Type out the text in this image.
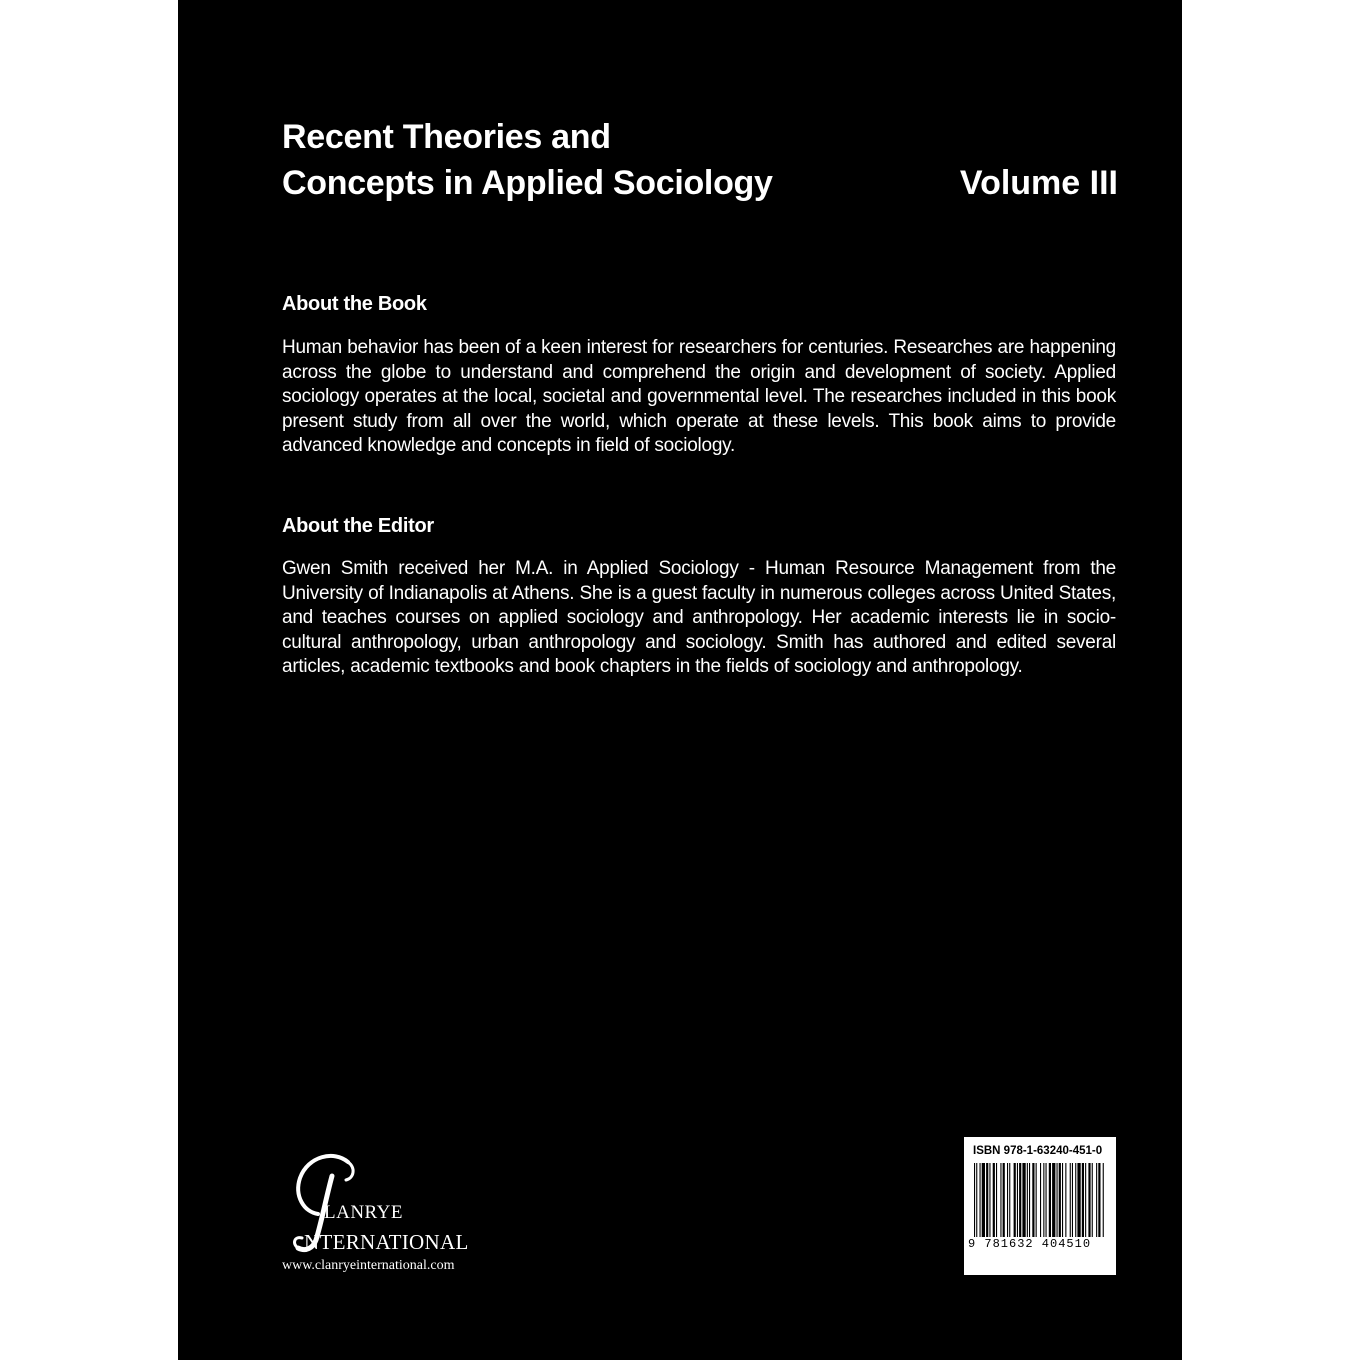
Recent Theories and
Concepts in Applied Sociology	Volume III
About the Book

Human behavior has been of a keen interest for researchers for centuries. Researches are happening across the globe to understand and comprehend the origin and development of society. Applied sociology operates at the local, societal and governmental level. The researches included in this book present study from all over the world, which operate at these levels. This book aims to provide advanced knowledge and concepts in field of sociology.

About the Editor

Gwen Smith received her M.A. in Applied Sociology - Human Resource Management from the University of Indianapolis at Athens. She is a guest faculty in numerous colleges across United States, and teaches courses on applied sociology and anthropology. Her academic interests lie in socio-cultural anthropology, urban anthropology and sociology. Smith has authored and edited several articles, academic textbooks and book chapters in the fields of sociology and anthropology.

LANRYE
NTERNATIONAL
www.clanryeinternational.com
ISBN 978-1-63240-451-0
9 781632 404510
